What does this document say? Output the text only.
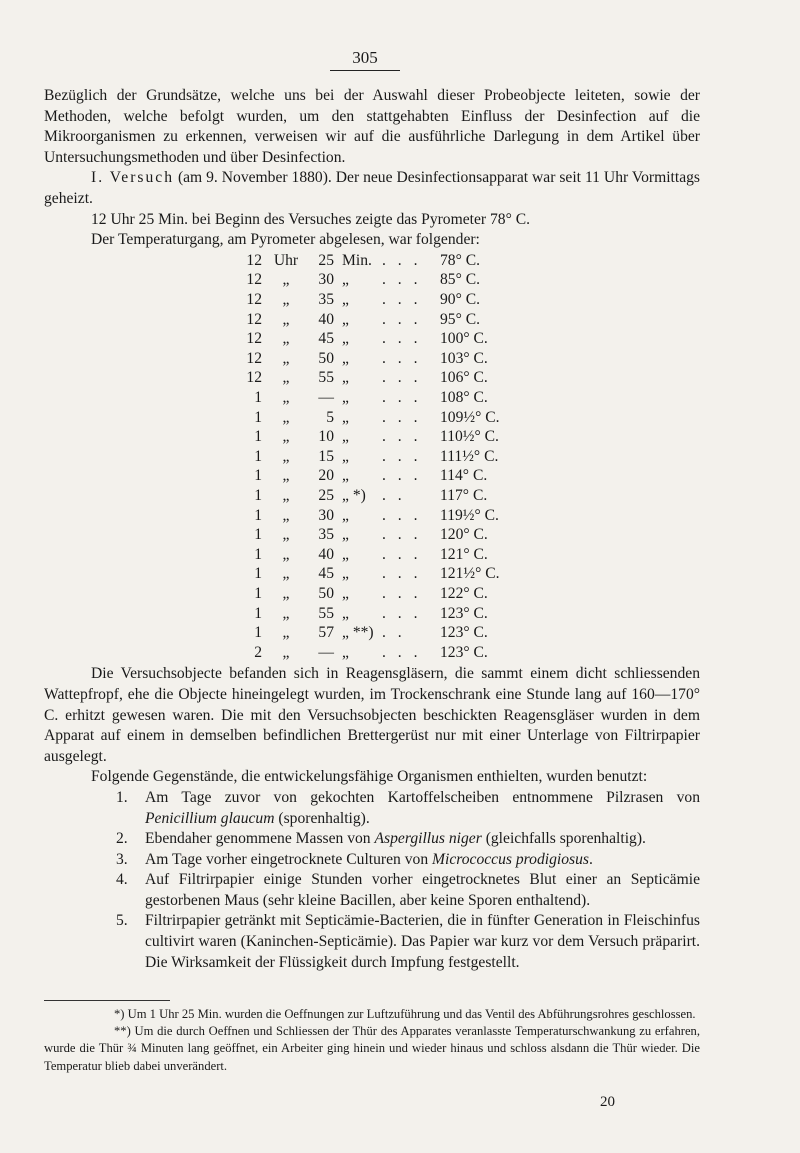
305

Bezüglich der Grundsätze, welche uns bei der Auswahl dieser Probeobjecte leiteten, sowie der Methoden, welche befolgt wurden, um den stattgehabten Einfluss der Desinfection auf die Mikroorganismen zu erkennen, verweisen wir auf die ausführliche Darlegung in dem Artikel über Untersuchungsmethoden und über Desinfection.

I. Versuch (am 9. November 1880). Der neue Desinfectionsapparat war seit 11 Uhr Vormittags geheizt.

12 Uhr 25 Min. bei Beginn des Versuches zeigte das Pyrometer 78° C.

Der Temperaturgang, am Pyrometer abgelesen, war folgender:

12 Uhr	25 Min. . . .	78° C.
12	„	30 „	. . .	85° C.
12	„	35 „	. . .	90° C.
12	„	40 „	. . .	95° C.
12	„	45 „	. . .	100° C.
12	„	50 „	. . .	103° C.
12	„	55 „	. . .	106° C.
1	„	— „	. . .	108° C.
1	„	5 „	. . .	109½° C.
1	„	10 „	. . .	110½° C.
1	„	15 „	. . .	111½° C.
1	„	20 „	. . .	114° C.
1	„	25 „ *)	. .	117° C.
1	„	30 „	. . .	119½° C.
1	„	35 „	. . .	120° C.
1	„	40 „	. . .	121° C.
1	„	45 „	. . .	121½° C.
1	„	50 „	. . .	122° C.
1	„	55 „	. . .	123° C.
1	„	57 „ **) . .	123° C.
2	„	— „	. . .	123° C.

Die Versuchsobjecte befanden sich in Reagensgläsern, die sammt einem dicht schliessenden Wattepfropf, ehe die Objecte hineingelegt wurden, im Trockenschrank eine Stunde lang auf 160—170° C. erhitzt gewesen waren. Die mit den Versuchsobjecten beschickten Reagensgläser wurden in dem Apparat auf einem in demselben befindlichen Brettergerüst nur mit einer Unterlage von Filtrirpapier ausgelegt.

Folgende Gegenstände, die entwickelungsfähige Organismen enthielten, wurden benutzt:

1. Am Tage zuvor von gekochten Kartoffelscheiben entnommene Pilzrasen von Penicillium glaucum (sporenhaltig).
2. Ebendaher genommene Massen von Aspergillus niger (gleichfalls sporenhaltig).
3. Am Tage vorher eingetrocknete Culturen von Micrococcus prodigiosus.
4. Auf Filtrirpapier einige Stunden vorher eingetrocknetes Blut einer an Septicämie gestorbenen Maus (sehr kleine Bacillen, aber keine Sporen enthaltend).
5. Filtrirpapier getränkt mit Septicämie-Bacterien, die in fünfter Generation in Fleischinfus cultivirt waren (Kaninchen-Septicämie). Das Papier war kurz vor dem Versuch präparirt. Die Wirksamkeit der Flüssigkeit durch Impfung festgestellt.

*) Um 1 Uhr 25 Min. wurden die Oeffnungen zur Luftzuführung und das Ventil des Abführungsrohres geschlossen.

**) Um die durch Oeffnen und Schliessen der Thür des Apparates veranlasste Temperaturschwankung zu erfahren, wurde die Thür ¾ Minuten lang geöffnet, ein Arbeiter ging hinein und wieder hinaus und schloss alsdann die Thür wieder. Die Temperatur blieb dabei unverändert.

20
